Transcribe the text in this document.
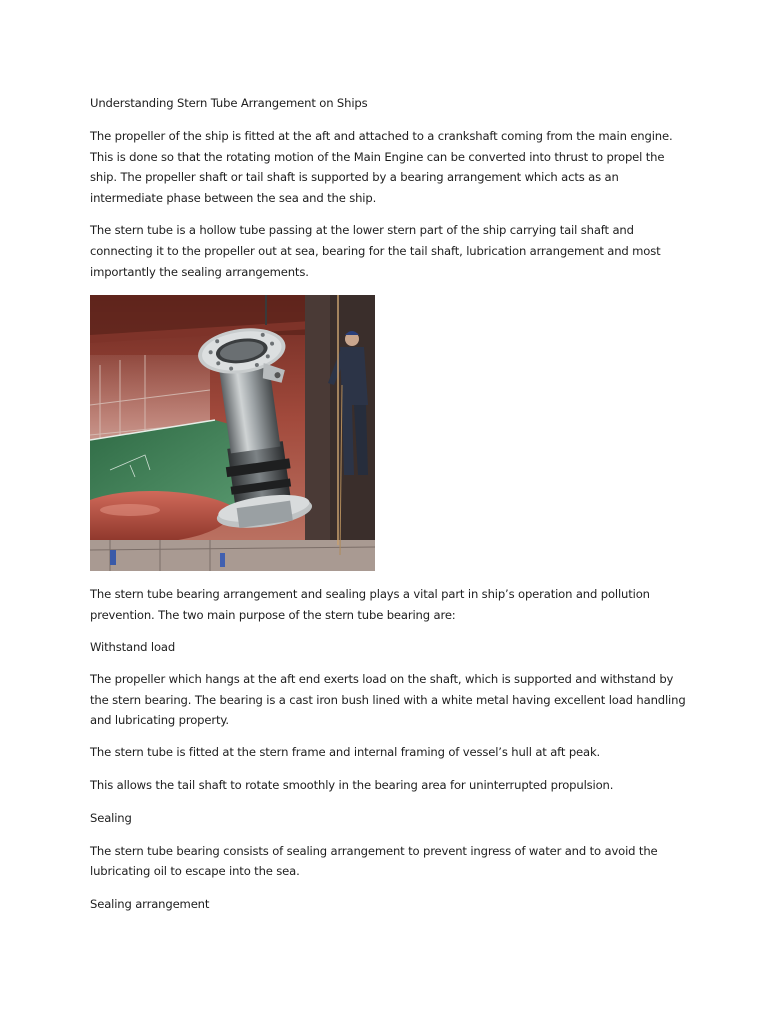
Understanding Stern Tube Arrangement on Ships

The propeller of the ship is fitted at the aft and attached to a crankshaft coming from the main engine. This is done so that the rotating motion of the Main Engine can be converted into thrust to propel the ship. The propeller shaft or tail shaft is supported by a bearing arrangement which acts as an intermediate phase between the sea and the ship.

The stern tube is a hollow tube passing at the lower stern part of the ship carrying tail shaft and connecting it to the propeller out at sea, bearing for the tail shaft, lubrication arrangement and most importantly the sealing arrangements.

The stern tube bearing arrangement and sealing plays a vital part in ship’s operation and pollution prevention. The two main purpose of the stern tube bearing are:

Withstand load

The propeller which hangs at the aft end exerts load on the shaft, which is supported and withstand by the stern bearing. The bearing is a cast iron bush lined with a white metal having excellent load handling and lubricating property.

The stern tube is fitted at the stern frame and internal framing of vessel’s hull at aft peak.

This allows the tail shaft to rotate smoothly in the bearing area for uninterrupted propulsion.

Sealing

The stern tube bearing consists of sealing arrangement to prevent ingress of water and to avoid the lubricating oil to escape into the sea.

Sealing arrangement
